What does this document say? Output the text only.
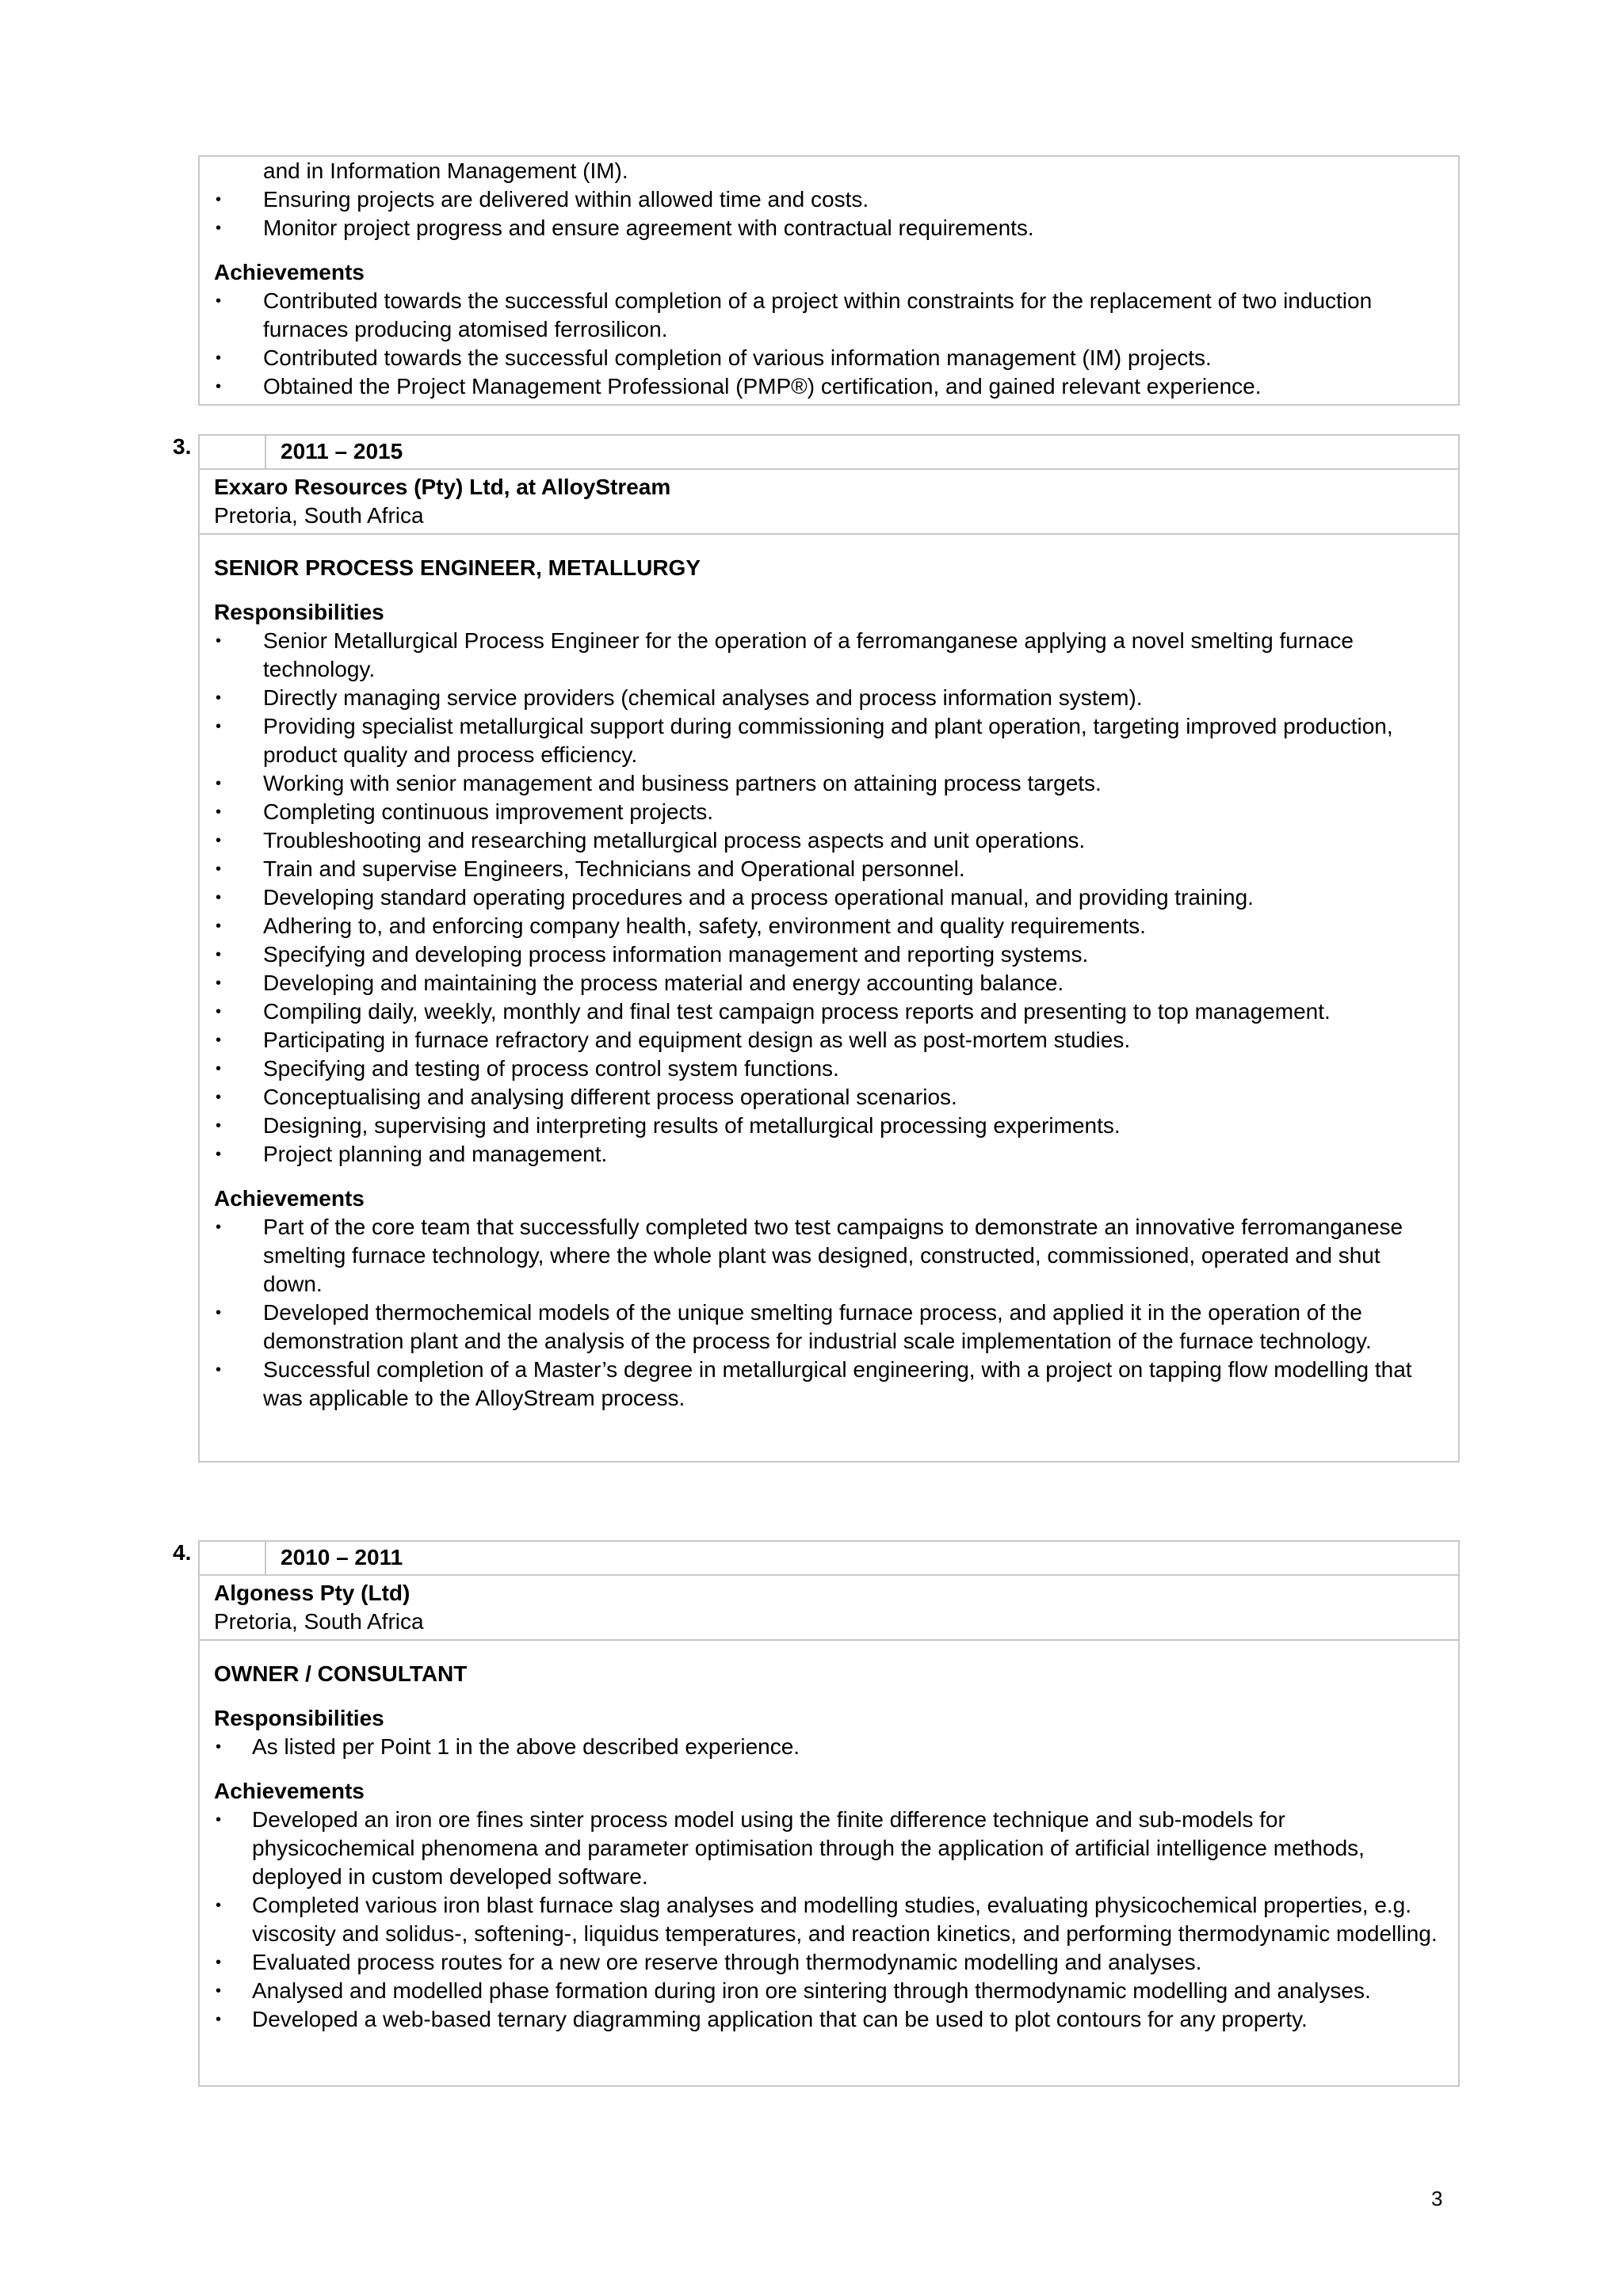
and in Information Management (IM).
• Ensuring projects are delivered within allowed time and costs.
• Monitor project progress and ensure agreement with contractual requirements.
Achievements
• Contributed towards the successful completion of a project within constraints for the replacement of two induction furnaces producing atomised ferrosilicon.
• Contributed towards the successful completion of various information management (IM) projects.
• Obtained the Project Management Professional (PMP®) certification, and gained relevant experience.
3.	2011 – 2015
Exxaro Resources (Pty) Ltd, at AlloyStream
Pretoria, South Africa
SENIOR PROCESS ENGINEER, METALLURGY
Responsibilities
• Senior Metallurgical Process Engineer for the operation of a ferromanganese applying a novel smelting furnace technology.
• Directly managing service providers (chemical analyses and process information system).
• Providing specialist metallurgical support during commissioning and plant operation, targeting improved production, product quality and process efficiency.
• Working with senior management and business partners on attaining process targets.
• Completing continuous improvement projects.
• Troubleshooting and researching metallurgical process aspects and unit operations.
• Train and supervise Engineers, Technicians and Operational personnel.
• Developing standard operating procedures and a process operational manual, and providing training.
• Adhering to, and enforcing company health, safety, environment and quality requirements.
• Specifying and developing process information management and reporting systems.
• Developing and maintaining the process material and energy accounting balance.
• Compiling daily, weekly, monthly and final test campaign process reports and presenting to top management.
• Participating in furnace refractory and equipment design as well as post-mortem studies.
• Specifying and testing of process control system functions.
• Conceptualising and analysing different process operational scenarios.
• Designing, supervising and interpreting results of metallurgical processing experiments.
• Project planning and management.
Achievements
• Part of the core team that successfully completed two test campaigns to demonstrate an innovative ferromanganese smelting furnace technology, where the whole plant was designed, constructed, commissioned, operated and shut down.
• Developed thermochemical models of the unique smelting furnace process, and applied it in the operation of the demonstration plant and the analysis of the process for industrial scale implementation of the furnace technology.
• Successful completion of a Master’s degree in metallurgical engineering, with a project on tapping flow modelling that was applicable to the AlloyStream process.
4.	2010 – 2011
Algoness Pty (Ltd)
Pretoria, South Africa
OWNER / CONSULTANT
Responsibilities
• As listed per Point 1 in the above described experience.
Achievements
• Developed an iron ore fines sinter process model using the finite difference technique and sub-models for physicochemical phenomena and parameter optimisation through the application of artificial intelligence methods, deployed in custom developed software.
• Completed various iron blast furnace slag analyses and modelling studies, evaluating physicochemical properties, e.g. viscosity and solidus-, softening-, liquidus temperatures, and reaction kinetics, and performing thermodynamic modelling.
• Evaluated process routes for a new ore reserve through thermodynamic modelling and analyses.
• Analysed and modelled phase formation during iron ore sintering through thermodynamic modelling and analyses.
• Developed a web-based ternary diagramming application that can be used to plot contours for any property.
3
